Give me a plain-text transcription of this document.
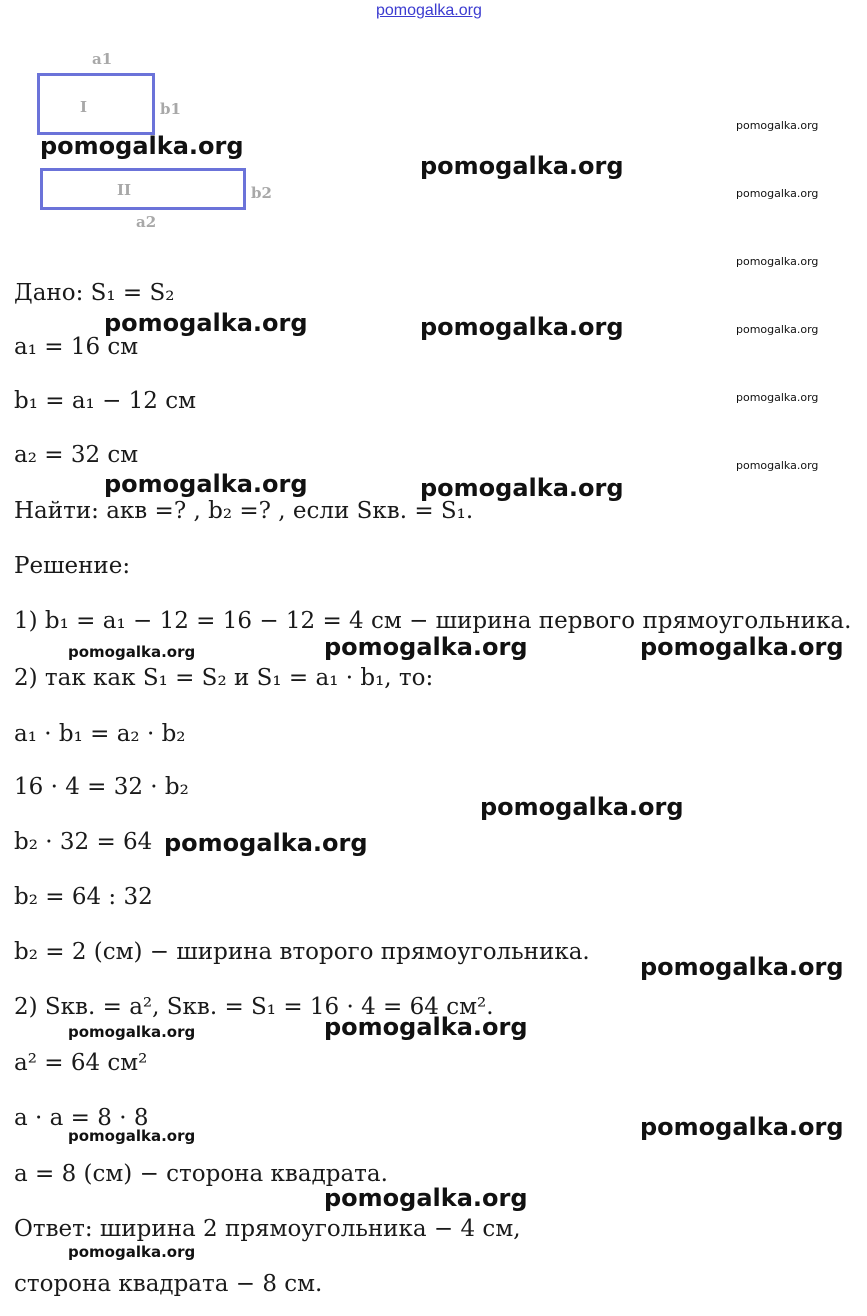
pomogalka.org
a1
I	b1
II	b2
a2
Дано: S₁ = S₂
a₁ = 16 см
b₁ = a₁ − 12 см
a₂ = 32 см
Найти: aкв =? , b₂ =? , если Sкв. = S₁.
Решение:
1) b₁ = a₁ − 12 = 16 − 12 = 4 см − ширина первого прямоугольника.
2) так как S₁ = S₂ и S₁ = a₁ · b₁, то:
a₁ · b₁ = a₂ · b₂
16 · 4 = 32 · b₂
b₂ · 32 = 64
b₂ = 64 : 32
b₂ = 2 (см) − ширина второго прямоугольника.
2) Sкв. = a², Sкв. = S₁ = 16 · 4 = 64 см².
a² = 64 см²
a · a = 8 · 8
a = 8 (см) − сторона квадрата.
Ответ: ширина 2 прямоугольника − 4 см,
сторона квадрата − 8 см.
pomogalka.org
pomogalka.org
pomogalka.org	pomogalka.org
pomogalka.org	pomogalka.org
pomogalka.org	pomogalka.org
pomogalka.org
pomogalka.org
pomogalka.org
pomogalka.org
pomogalka.org
pomogalka.org
pomogalka.org
pomogalka.org
pomogalka.org
pomogalka.org
pomogalka.org
pomogalka.org
pomogalka.org
pomogalka.org
pomogalka.org
pomogalka.org
